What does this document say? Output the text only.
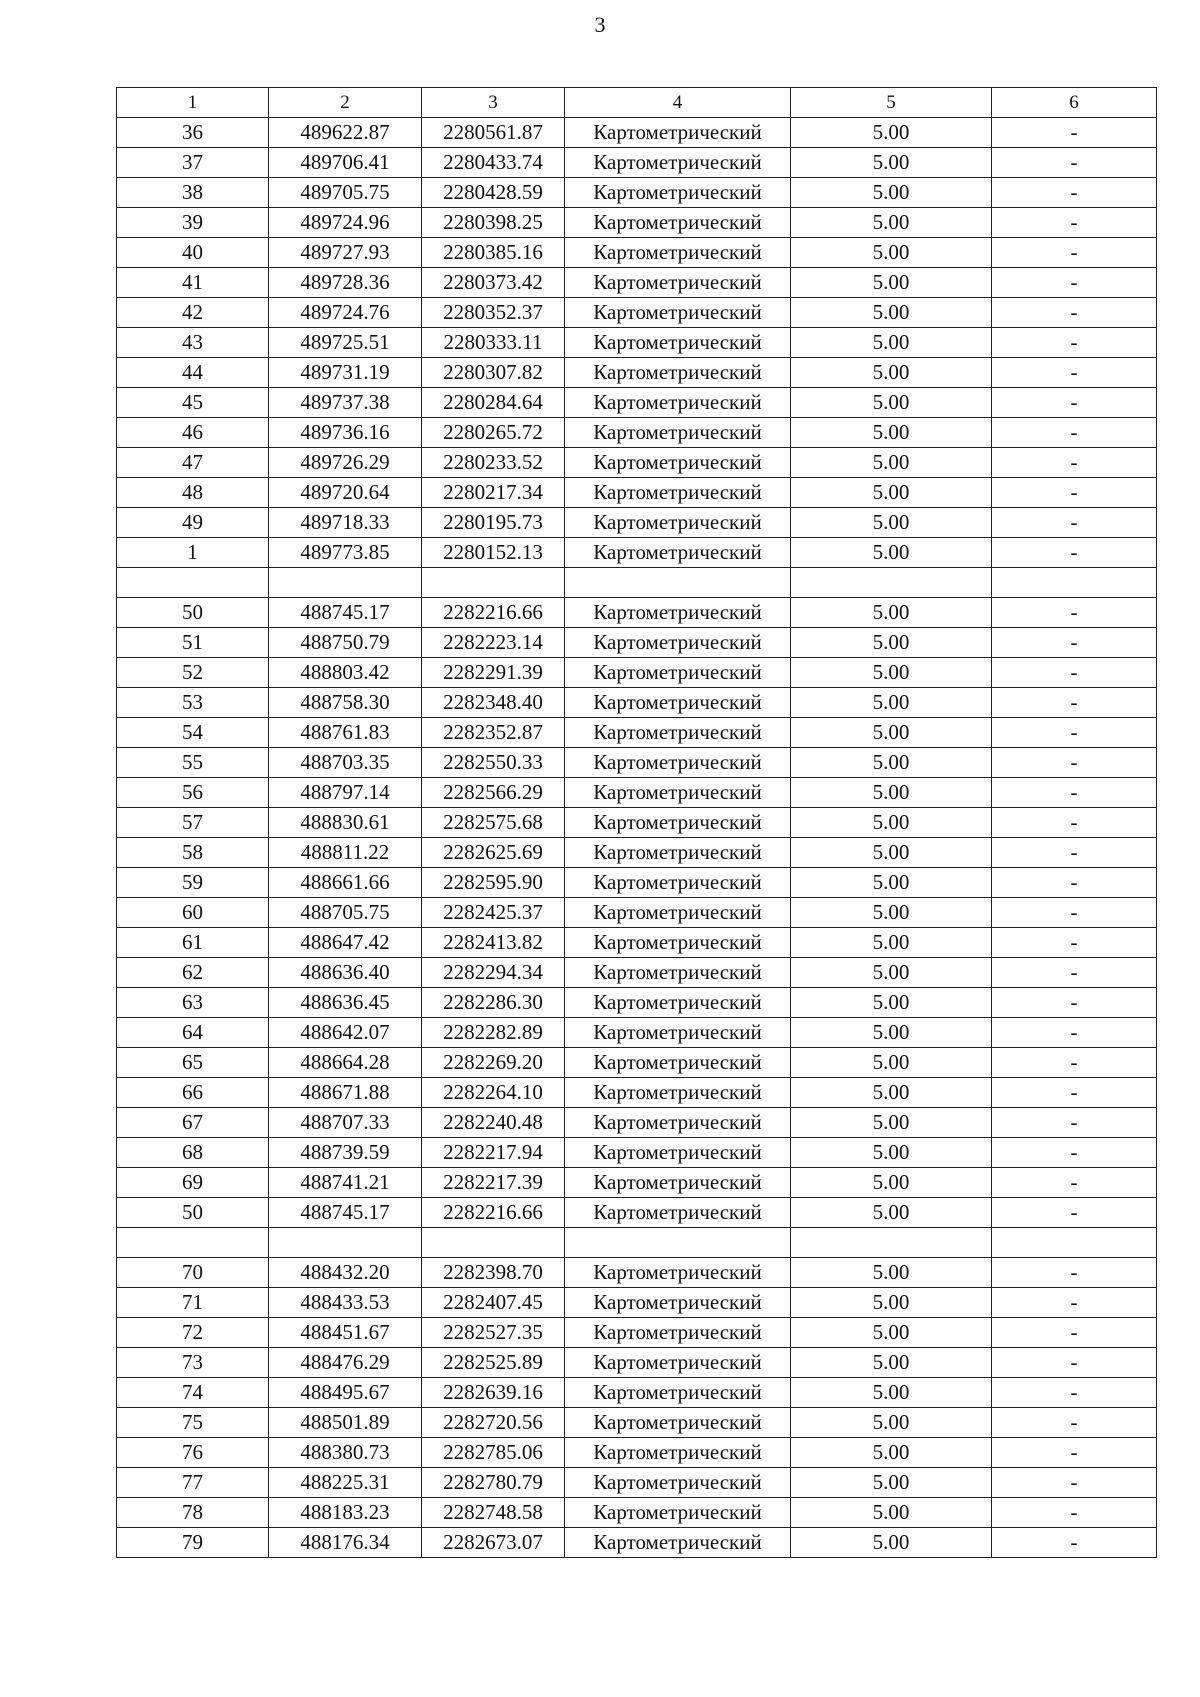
3
1	2	3	4	5	6
36	489622.87	2280561.87	Картометрический	5.00	-
37	489706.41	2280433.74	Картометрический	5.00	-
38	489705.75	2280428.59	Картометрический	5.00	-
39	489724.96	2280398.25	Картометрический	5.00	-
40	489727.93	2280385.16	Картометрический	5.00	-
41	489728.36	2280373.42	Картометрический	5.00	-
42	489724.76	2280352.37	Картометрический	5.00	-
43	489725.51	2280333.11	Картометрический	5.00	-
44	489731.19	2280307.82	Картометрический	5.00	-
45	489737.38	2280284.64	Картометрический	5.00	-
46	489736.16	2280265.72	Картометрический	5.00	-
47	489726.29	2280233.52	Картометрический	5.00	-
48	489720.64	2280217.34	Картометрический	5.00	-
49	489718.33	2280195.73	Картометрический	5.00	-
1	489773.85	2280152.13	Картометрический	5.00	-

50	488745.17	2282216.66	Картометрический	5.00	-
51	488750.79	2282223.14	Картометрический	5.00	-
52	488803.42	2282291.39	Картометрический	5.00	-
53	488758.30	2282348.40	Картометрический	5.00	-
54	488761.83	2282352.87	Картометрический	5.00	-
55	488703.35	2282550.33	Картометрический	5.00	-
56	488797.14	2282566.29	Картометрический	5.00	-
57	488830.61	2282575.68	Картометрический	5.00	-
58	488811.22	2282625.69	Картометрический	5.00	-
59	488661.66	2282595.90	Картометрический	5.00	-
60	488705.75	2282425.37	Картометрический	5.00	-
61	488647.42	2282413.82	Картометрический	5.00	-
62	488636.40	2282294.34	Картометрический	5.00	-
63	488636.45	2282286.30	Картометрический	5.00	-
64	488642.07	2282282.89	Картометрический	5.00	-
65	488664.28	2282269.20	Картометрический	5.00	-
66	488671.88	2282264.10	Картометрический	5.00	-
67	488707.33	2282240.48	Картометрический	5.00	-
68	488739.59	2282217.94	Картометрический	5.00	-
69	488741.21	2282217.39	Картометрический	5.00	-
50	488745.17	2282216.66	Картометрический	5.00	-

70	488432.20	2282398.70	Картометрический	5.00	-
71	488433.53	2282407.45	Картометрический	5.00	-
72	488451.67	2282527.35	Картометрический	5.00	-
73	488476.29	2282525.89	Картометрический	5.00	-
74	488495.67	2282639.16	Картометрический	5.00	-
75	488501.89	2282720.56	Картометрический	5.00	-
76	488380.73	2282785.06	Картометрический	5.00	-
77	488225.31	2282780.79	Картометрический	5.00	-
78	488183.23	2282748.58	Картометрический	5.00	-
79	488176.34	2282673.07	Картометрический	5.00	-
